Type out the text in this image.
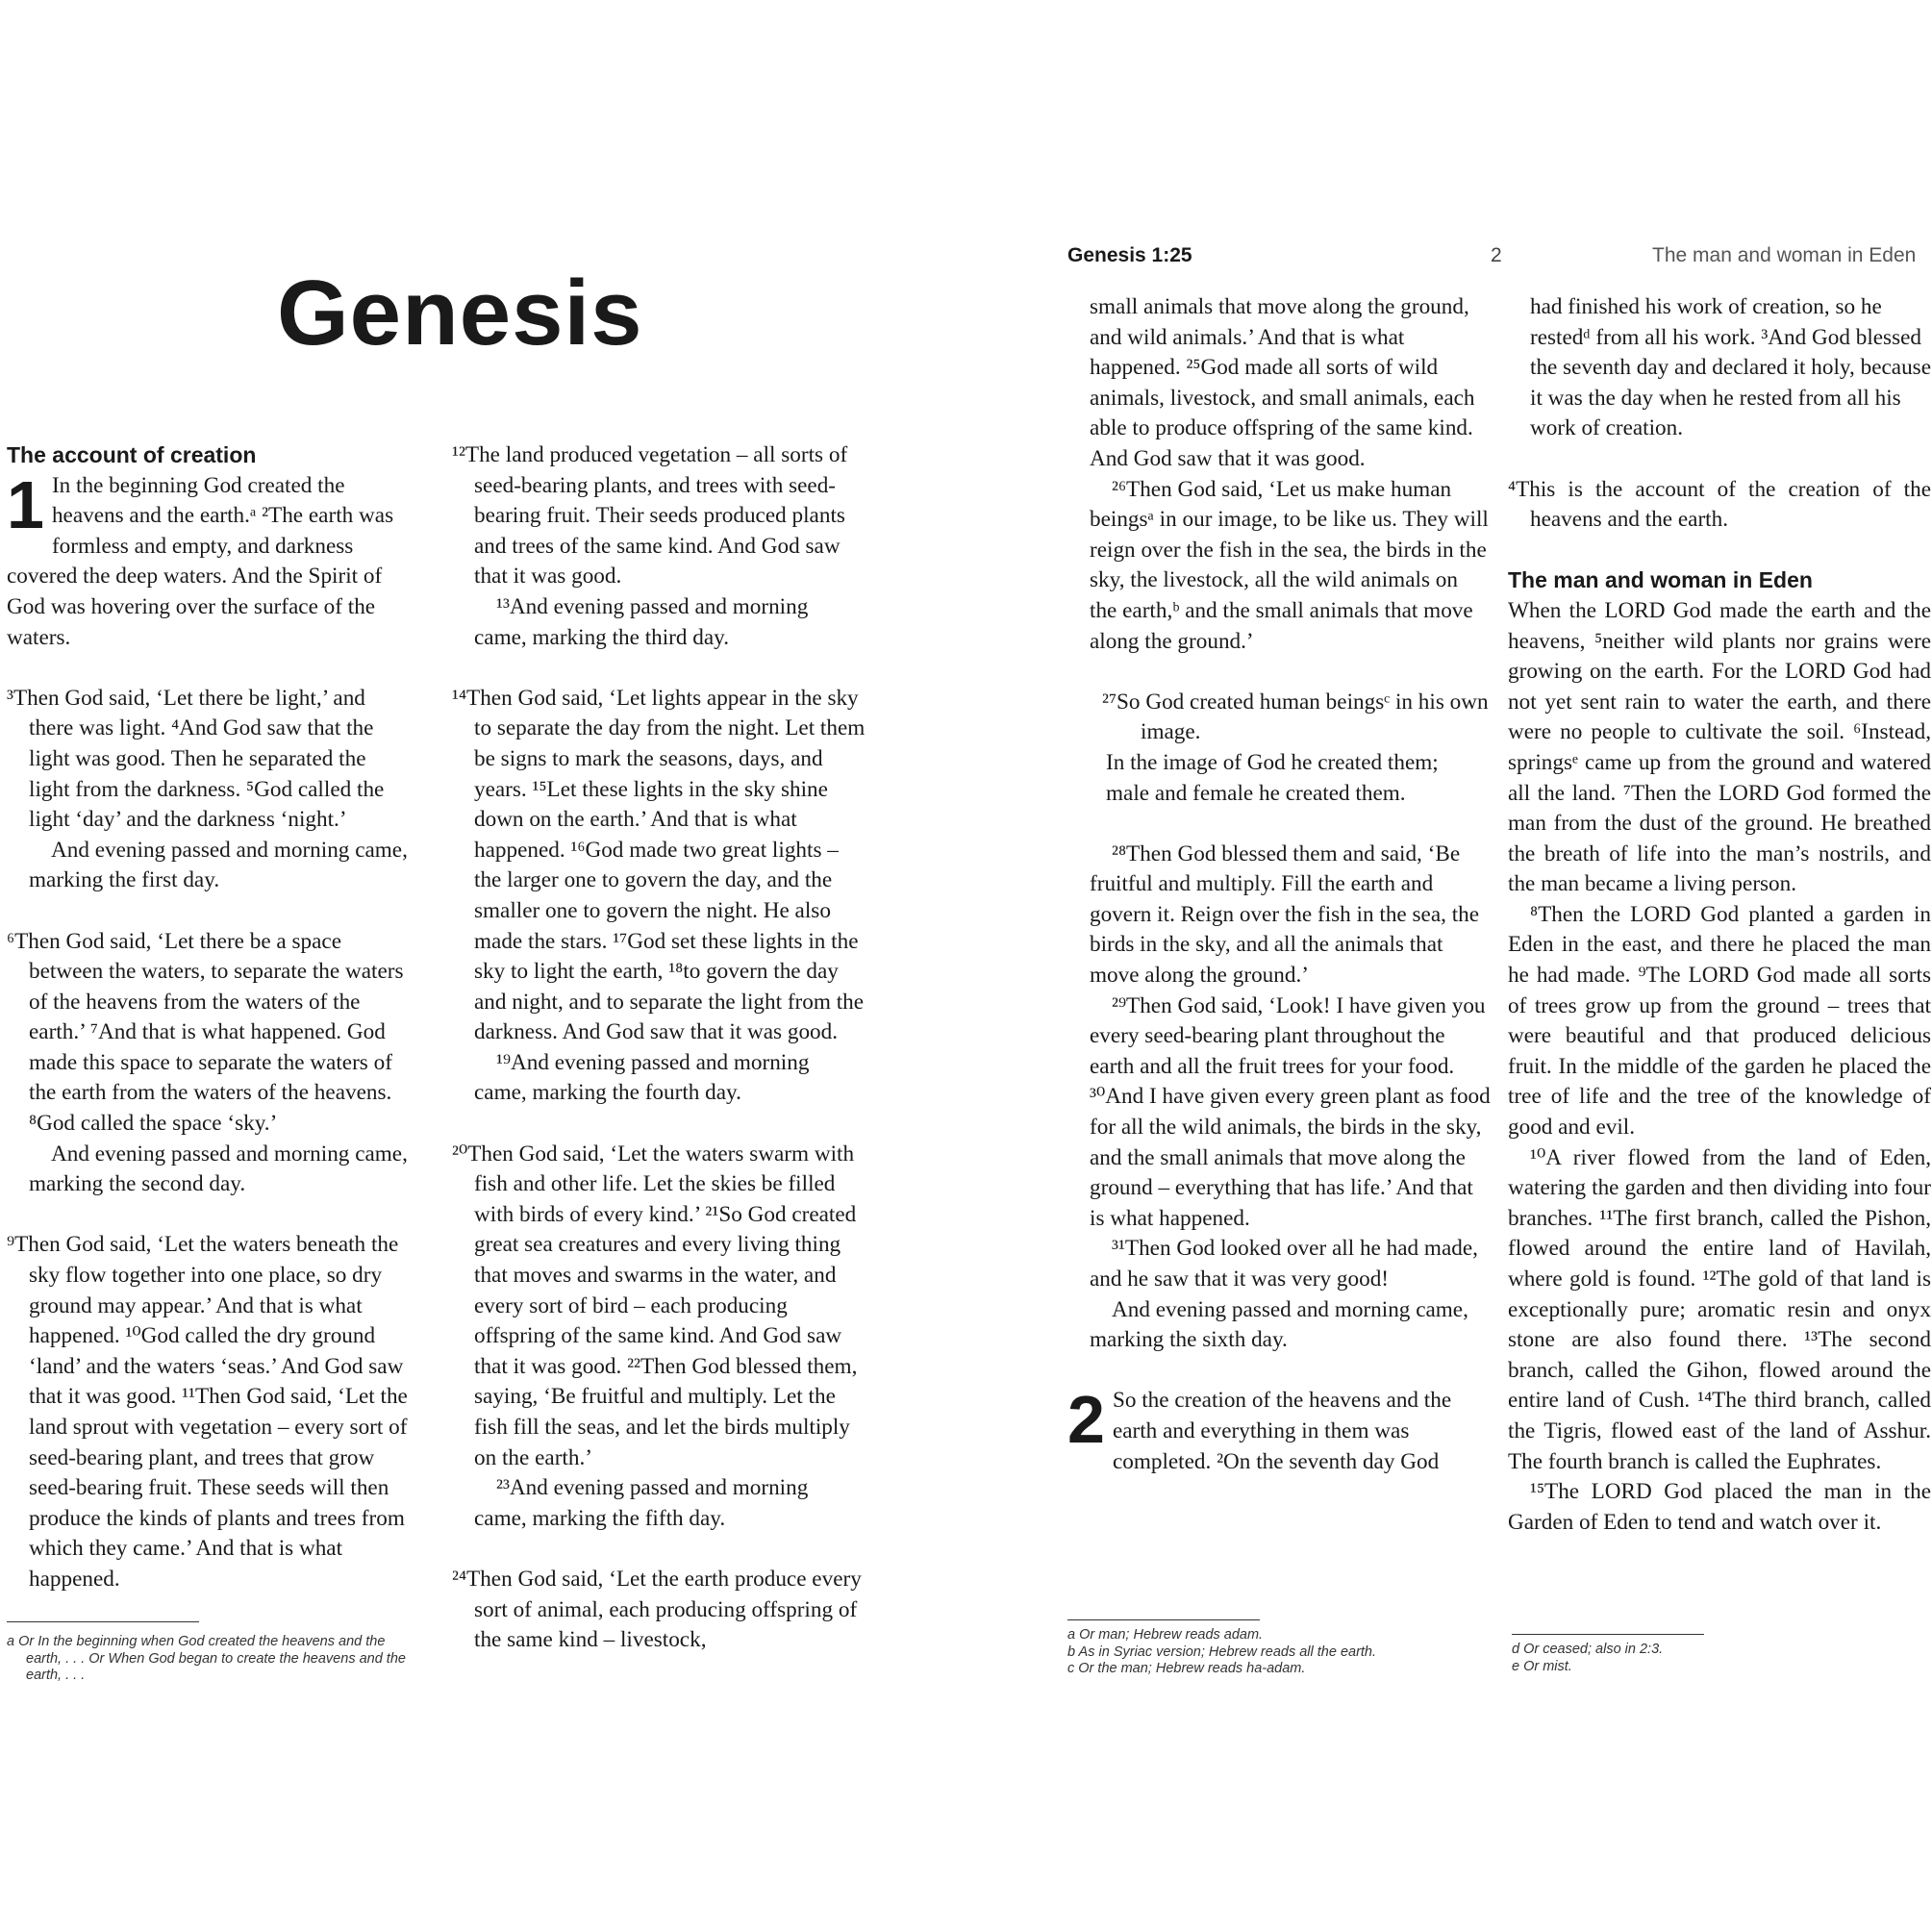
Genesis
Genesis 1:25	2	The man and woman in Eden
The account of creation

1 In the beginning God created the heavens and the earth.ᵃ ²The earth was formless and empty, and darkness covered the deep waters. And the Spirit of God was hovering over the surface of the waters.

³Then God said, ‘Let there be light,’ and there was light. ⁴And God saw that the light was good. Then he separated the light from the darkness. ⁵God called the light ‘day’ and the darkness ‘night.’

And evening passed and morning came, marking the first day.

⁶Then God said, ‘Let there be a space between the waters, to separate the waters of the heavens from the waters of the earth.’ ⁷And that is what happened. God made this space to separate the waters of the earth from the waters of the heavens. ⁸God called the space ‘sky.’

And evening passed and morning came, marking the second day.

⁹Then God said, ‘Let the waters beneath the sky flow together into one place, so dry ground may appear.’ And that is what happened. ¹⁰God called the dry ground ‘land’ and the waters ‘seas.’ And God saw that it was good. ¹¹Then God said, ‘Let the land sprout with vegetation – every sort of seed-bearing plant, and trees that grow seed-bearing fruit. These seeds will then produce the kinds of plants and trees from which they came.’ And that is what happened.

¹²The land produced vegetation – all sorts of seed-bearing plants, and trees with seed-bearing fruit. Their seeds produced plants and trees of the same kind. And God saw that it was good.

¹³And evening passed and morning came, marking the third day.

¹⁴Then God said, ‘Let lights appear in the sky to separate the day from the night. Let them be signs to mark the seasons, days, and years. ¹⁵Let these lights in the sky shine down on the earth.’ And that is what happened. ¹⁶God made two great lights – the larger one to govern the day, and the smaller one to govern the night. He also made the stars. ¹⁷God set these lights in the sky to light the earth, ¹⁸to govern the day and night, and to separate the light from the darkness. And God saw that it was good.

¹⁹And evening passed and morning came, marking the fourth day.

²⁰Then God said, ‘Let the waters swarm with fish and other life. Let the skies be filled with birds of every kind.’ ²¹So God created great sea creatures and every living thing that moves and swarms in the water, and every sort of bird – each producing offspring of the same kind. And God saw that it was good. ²²Then God blessed them, saying, ‘Be fruitful and multiply. Let the fish fill the seas, and let the birds multiply on the earth.’

²³And evening passed and morning came, marking the fifth day.

²⁴Then God said, ‘Let the earth produce every sort of animal, each producing offspring of the same kind – livestock,

small animals that move along the ground, and wild animals.’ And that is what happened. ²⁵God made all sorts of wild animals, livestock, and small animals, each able to produce offspring of the same kind. And God saw that it was good.

²⁶Then God said, ‘Let us make human beingsᵃ in our image, to be like us. They will reign over the fish in the sea, the birds in the sky, the livestock, all the wild animals on the earth,ᵇ and the small animals that move along the ground.’

²⁷So God created human beingsᶜ in his own image.

In the image of God he created them;

male and female he created them.

²⁸Then God blessed them and said, ‘Be fruitful and multiply. Fill the earth and govern it. Reign over the fish in the sea, the birds in the sky, and all the animals that move along the ground.’

²⁹Then God said, ‘Look! I have given you every seed-bearing plant throughout the earth and all the fruit trees for your food. ³⁰And I have given every green plant as food for all the wild animals, the birds in the sky, and the small animals that move along the ground – everything that has life.’ And that is what happened.

³¹Then God looked over all he had made, and he saw that it was very good!

And evening passed and morning came, marking the sixth day.

2 So the creation of the heavens and the earth and everything in them was completed. ²On the seventh day God

had finished his work of creation, so he restedᵈ from all his work. ³And God blessed the seventh day and declared it holy, because it was the day when he rested from all his work of creation.

⁴This is the account of the creation of the heavens and the earth.

The man and woman in Eden

When the LORD God made the earth and the heavens, ⁵neither wild plants nor grains were growing on the earth. For the LORD God had not yet sent rain to water the earth, and there were no people to cultivate the soil. ⁶Instead, springsᵉ came up from the ground and watered all the land. ⁷Then the LORD God formed the man from the dust of the ground. He breathed the breath of life into the man’s nostrils, and the man became a living person.

⁸Then the LORD God planted a garden in Eden in the east, and there he placed the man he had made. ⁹The LORD God made all sorts of trees grow up from the ground – trees that were beautiful and that produced delicious fruit. In the middle of the garden he placed the tree of life and the tree of the knowledge of good and evil.

¹⁰A river flowed from the land of Eden, watering the garden and then dividing into four branches. ¹¹The first branch, called the Pishon, flowed around the entire land of Havilah, where gold is found. ¹²The gold of that land is exceptionally pure; aromatic resin and onyx stone are also found there. ¹³The second branch, called the Gihon, flowed around the entire land of Cush. ¹⁴The third branch, called the Tigris, flowed east of the land of Asshur. The fourth branch is called the Euphrates.

¹⁵The LORD God placed the man in the Garden of Eden to tend and watch over it.

a Or In the beginning when God created the heavens and the earth, . . . Or When God began to create the heavens and the earth, . . .

a Or man; Hebrew reads adam.

b As in Syriac version; Hebrew reads all the earth.

c Or the man; Hebrew reads ha-adam.

d Or ceased; also in 2:3.

e Or mist.
